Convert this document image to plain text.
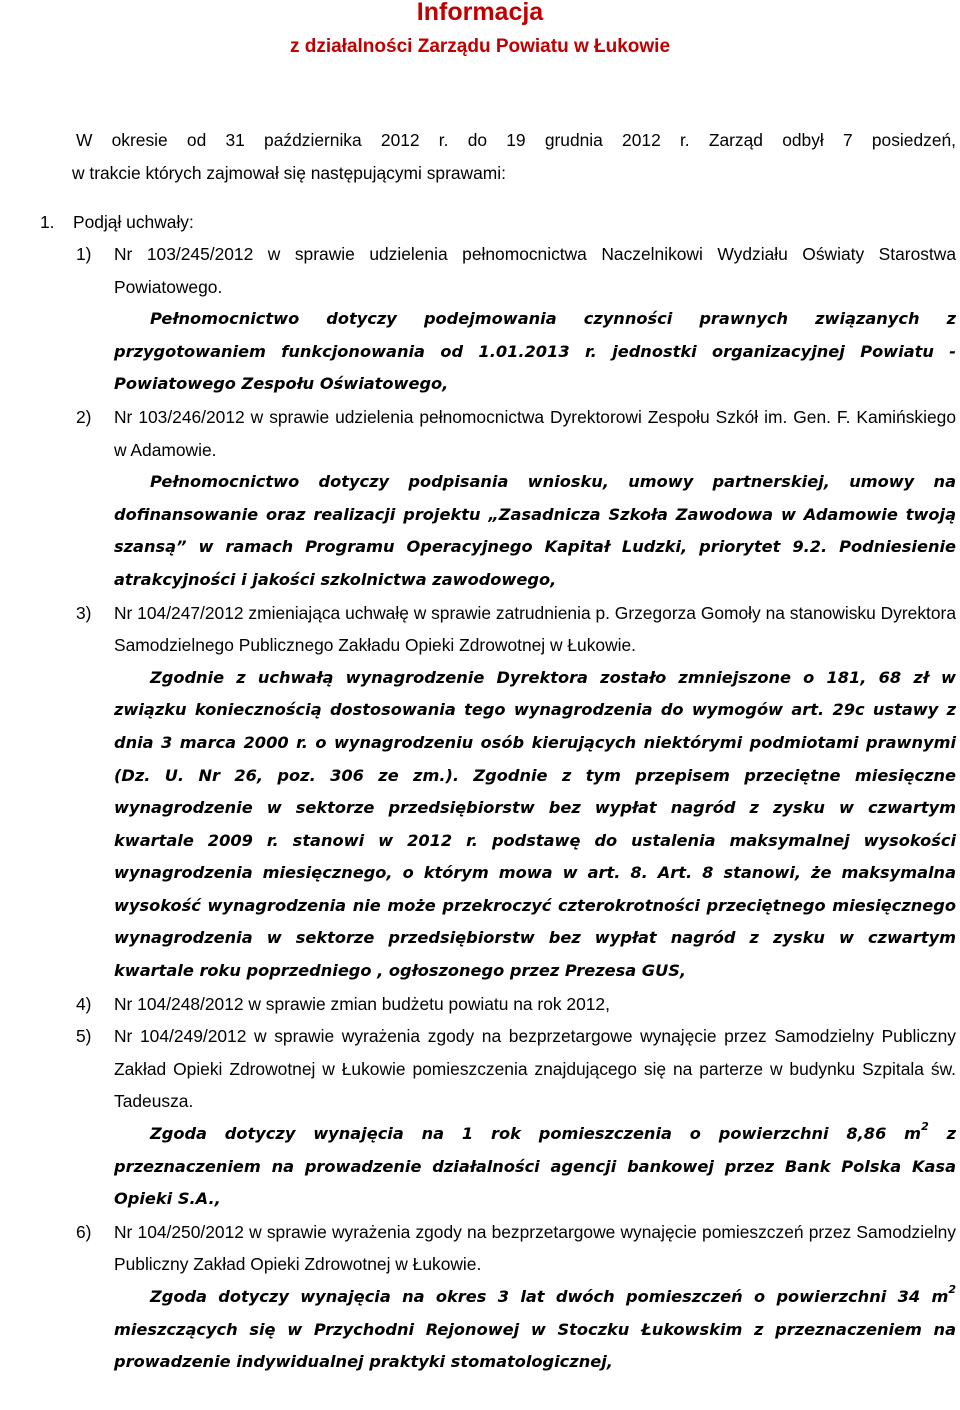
Informacja
z działalności Zarządu Powiatu w Łukowie

W okresie od 31 października 2012 r. do 19 grudnia 2012 r. Zarząd odbył 7 posiedzeń,

w trakcie których zajmował się następującymi sprawami:

1. Podjął uchwały:
1) Nr 103/245/2012 w sprawie udzielenia pełnomocnictwa Naczelnikowi Wydziału Oświaty Starostwa Powiatowego.

Pełnomocnictwo dotyczy podejmowania czynności prawnych związanych z przygotowaniem funkcjonowania od 1.01.2013 r. jednostki organizacyjnej Powiatu - Powiatowego Zespołu Oświatowego,

2) Nr 103/246/2012 w sprawie udzielenia pełnomocnictwa Dyrektorowi Zespołu Szkół im. Gen. F. Kamińskiego w Adamowie.

Pełnomocnictwo dotyczy podpisania wniosku, umowy partnerskiej, umowy na dofinansowanie oraz realizacji projektu „Zasadnicza Szkoła Zawodowa w Adamowie twoją szansą” w ramach Programu Operacyjnego Kapitał Ludzki, priorytet 9.2. Podniesienie atrakcyjności i jakości szkolnictwa zawodowego,

3) Nr 104/247/2012 zmieniająca uchwałę w sprawie zatrudnienia p. Grzegorza Gomoły na stanowisku Dyrektora Samodzielnego Publicznego Zakładu Opieki Zdrowotnej w Łukowie.

Zgodnie z uchwałą wynagrodzenie Dyrektora zostało zmniejszone o 181, 68 zł w związku koniecznością dostosowania tego wynagrodzenia do wymogów art. 29c ustawy z dnia 3 marca 2000 r. o wynagrodzeniu osób kierujących niektórymi podmiotami prawnymi (Dz. U. Nr 26, poz. 306 ze zm.). Zgodnie z tym przepisem przeciętne miesięczne wynagrodzenie w sektorze przedsiębiorstw bez wypłat nagród z zysku w czwartym kwartale 2009 r. stanowi w 2012 r. podstawę do ustalenia maksymalnej wysokości wynagrodzenia miesięcznego, o którym mowa w art. 8. Art. 8 stanowi, że maksymalna wysokość wynagrodzenia nie może przekroczyć czterokrotności przeciętnego miesięcznego wynagrodzenia w sektorze przedsiębiorstw bez wypłat nagród z zysku w czwartym kwartale roku poprzedniego , ogłoszonego przez Prezesa GUS,

4) Nr 104/248/2012 w sprawie zmian budżetu powiatu na rok 2012,

5) Nr 104/249/2012 w sprawie wyrażenia zgody na bezprzetargowe wynajęcie przez Samodzielny Publiczny Zakład Opieki Zdrowotnej w Łukowie pomieszczenia znajdującego się na parterze w budynku Szpitala św. Tadeusza.

Zgoda dotyczy wynajęcia na 1 rok pomieszczenia o powierzchni 8,86 $m^2$ z przeznaczeniem na prowadzenie działalności agencji bankowej przez Bank Polska Kasa Opieki S.A.,

6) Nr 104/250/2012 w sprawie wyrażenia zgody na bezprzetargowe wynajęcie pomieszczeń przez Samodzielny Publiczny Zakład Opieki Zdrowotnej w Łukowie.

Zgoda dotyczy wynajęcia na okres 3 lat dwóch pomieszczeń o powierzchni 34 $m^2$ mieszczących się w Przychodni Rejonowej w Stoczku Łukowskim z przeznaczeniem na prowadzenie indywidualnej praktyki stomatologicznej,
